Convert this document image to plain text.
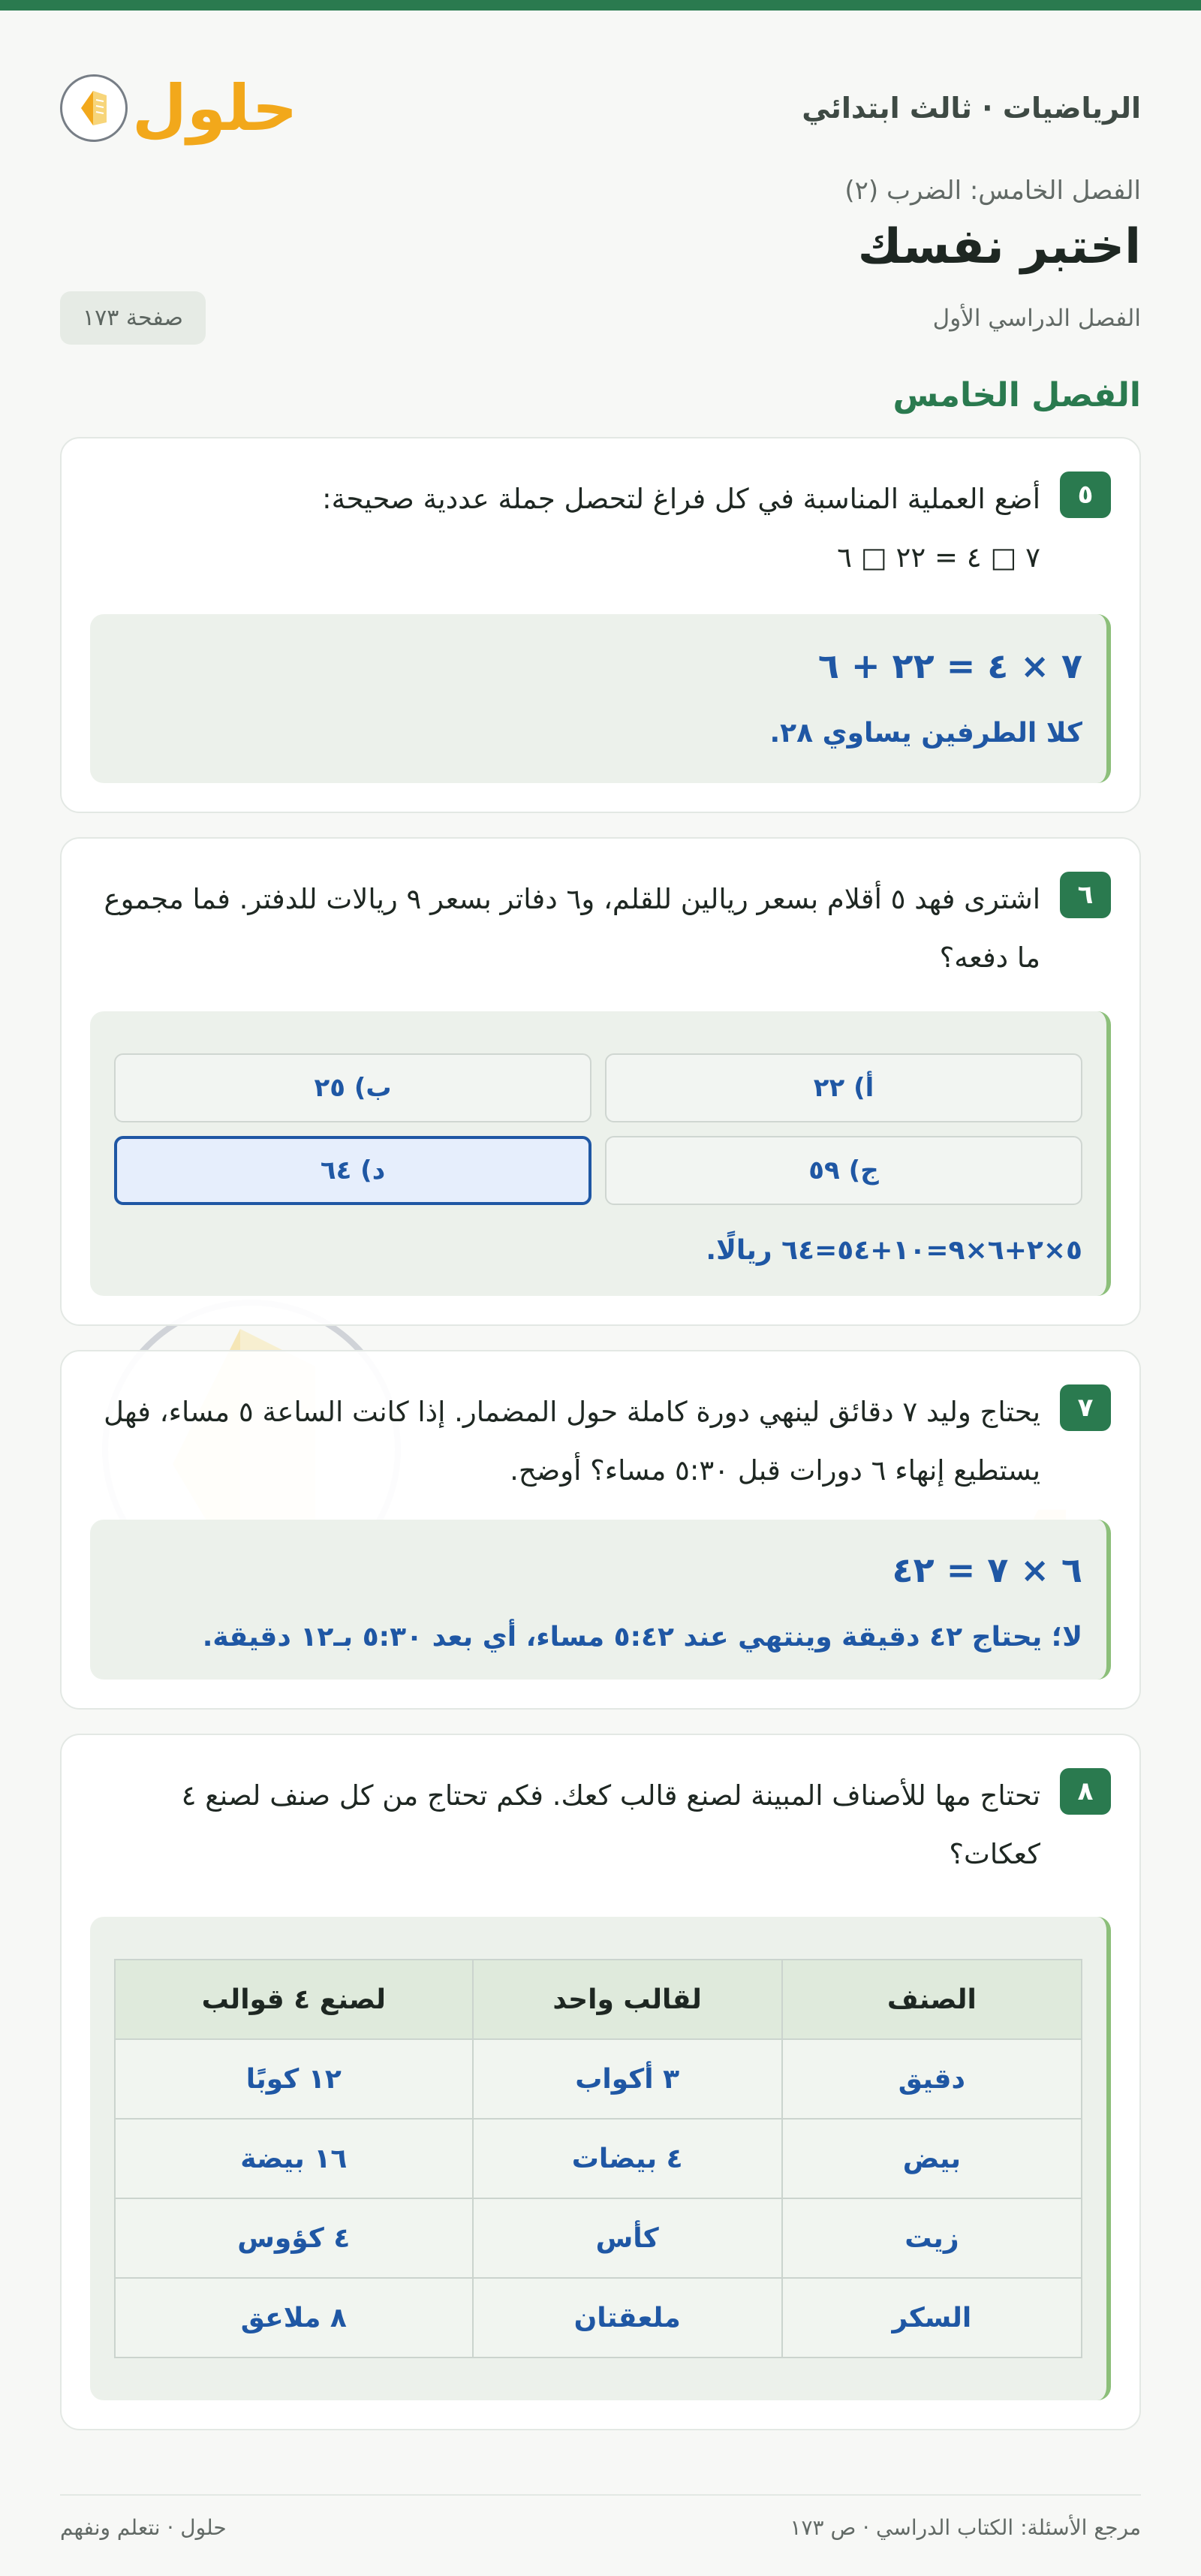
الرياضيات · ثالث ابتدائي
حلول
الفصل الخامس: الضرب (٢)
اختبر نفسك
الفصل الدراسي الأول
صفحة ١٧٣
الفصل الخامس
٥
أضع العملية المناسبة في كل فراغ لتحصل جملة عددية صحيحة:
٧ □ ٤ = ٢٢ □ ٦
٧ × ٤ = ٢٢ + ٦
كلا الطرفين يساوي ٢٨.
٦
اشترى فهد ٥ أقلام بسعر ريالين للقلم، و٦ دفاتر بسعر ٩ ريالات للدفتر. فما مجموع ما دفعه؟
أ) ٢٢
ب) ٢٥
ج) ٥٩
د) ٦٤
٥×٢+٦×٩=١٠+٥٤=٦٤ ريالًا.
٧
يحتاج وليد ٧ دقائق لينهي دورة كاملة حول المضمار. إذا كانت الساعة ٥ مساء، فهل يستطيع إنهاء ٦ دورات قبل ٥:٣٠ مساء؟ أوضح.
٦ × ٧ = ٤٢
لا؛ يحتاج ٤٢ دقيقة وينتهي عند ٥:٤٢ مساء، أي بعد ٥:٣٠ بـ١٢ دقيقة.
٨
تحتاج مها للأصناف المبينة لصنع قالب كعك. فكم تحتاج من كل صنف لصنع ٤ كعكات؟
الصنف	لقالب واحد	لصنع ٤ قوالب
دقيق	٣ أكواب	١٢ كوبًا
بيض	٤ بيضات	١٦ بيضة
زيت	كأس	٤ كؤوس
السكر	ملعقتان	٨ ملاعق
مرجع الأسئلة: الكتاب الدراسي · ص ١٧٣
حلول · نتعلم ونفهم
